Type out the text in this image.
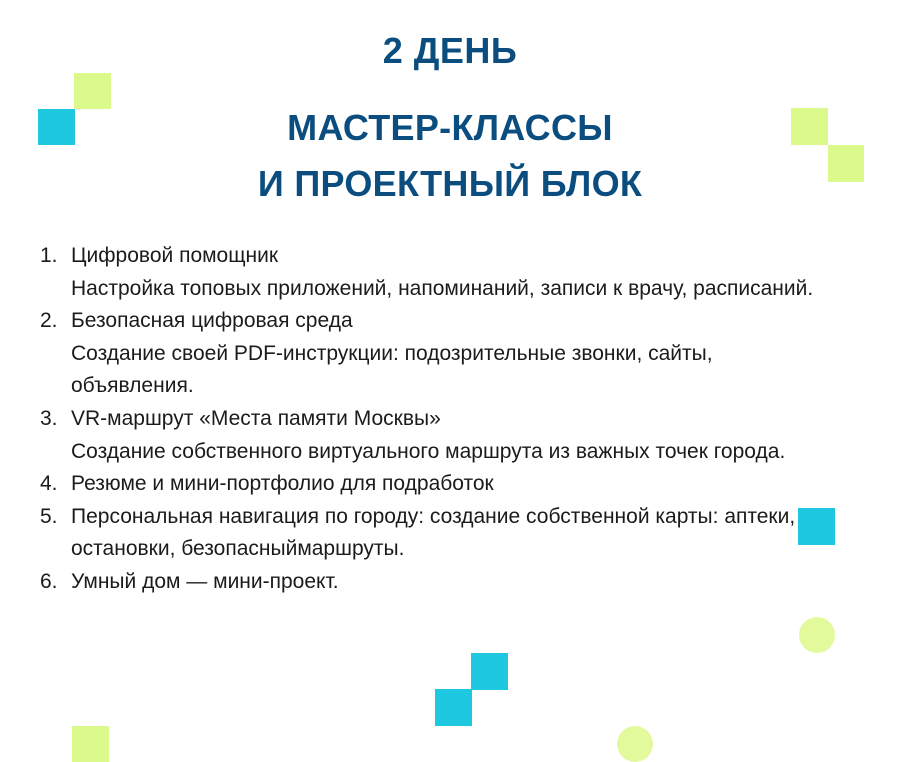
2 ДЕНЬ
МАСТЕР-КЛАССЫ
И ПРОЕКТНЫЙ БЛОК
1. Цифровой помощник
Настройка топовых приложений, напоминаний, записи к врачу, расписаний.
2. Безопасная цифровая среда
Создание своей PDF-инструкции: подозрительные звонки, сайты, объявления.
3. VR-маршрут «Места памяти Москвы»
Создание собственного виртуального маршрута из важных точек города.
4. Резюме и мини-портфолио для подработок
5. Персональная навигация по городу: создание собственной карты: аптеки, остановки, безопасныймаршруты.
6. Умный дом — мини-проект.
